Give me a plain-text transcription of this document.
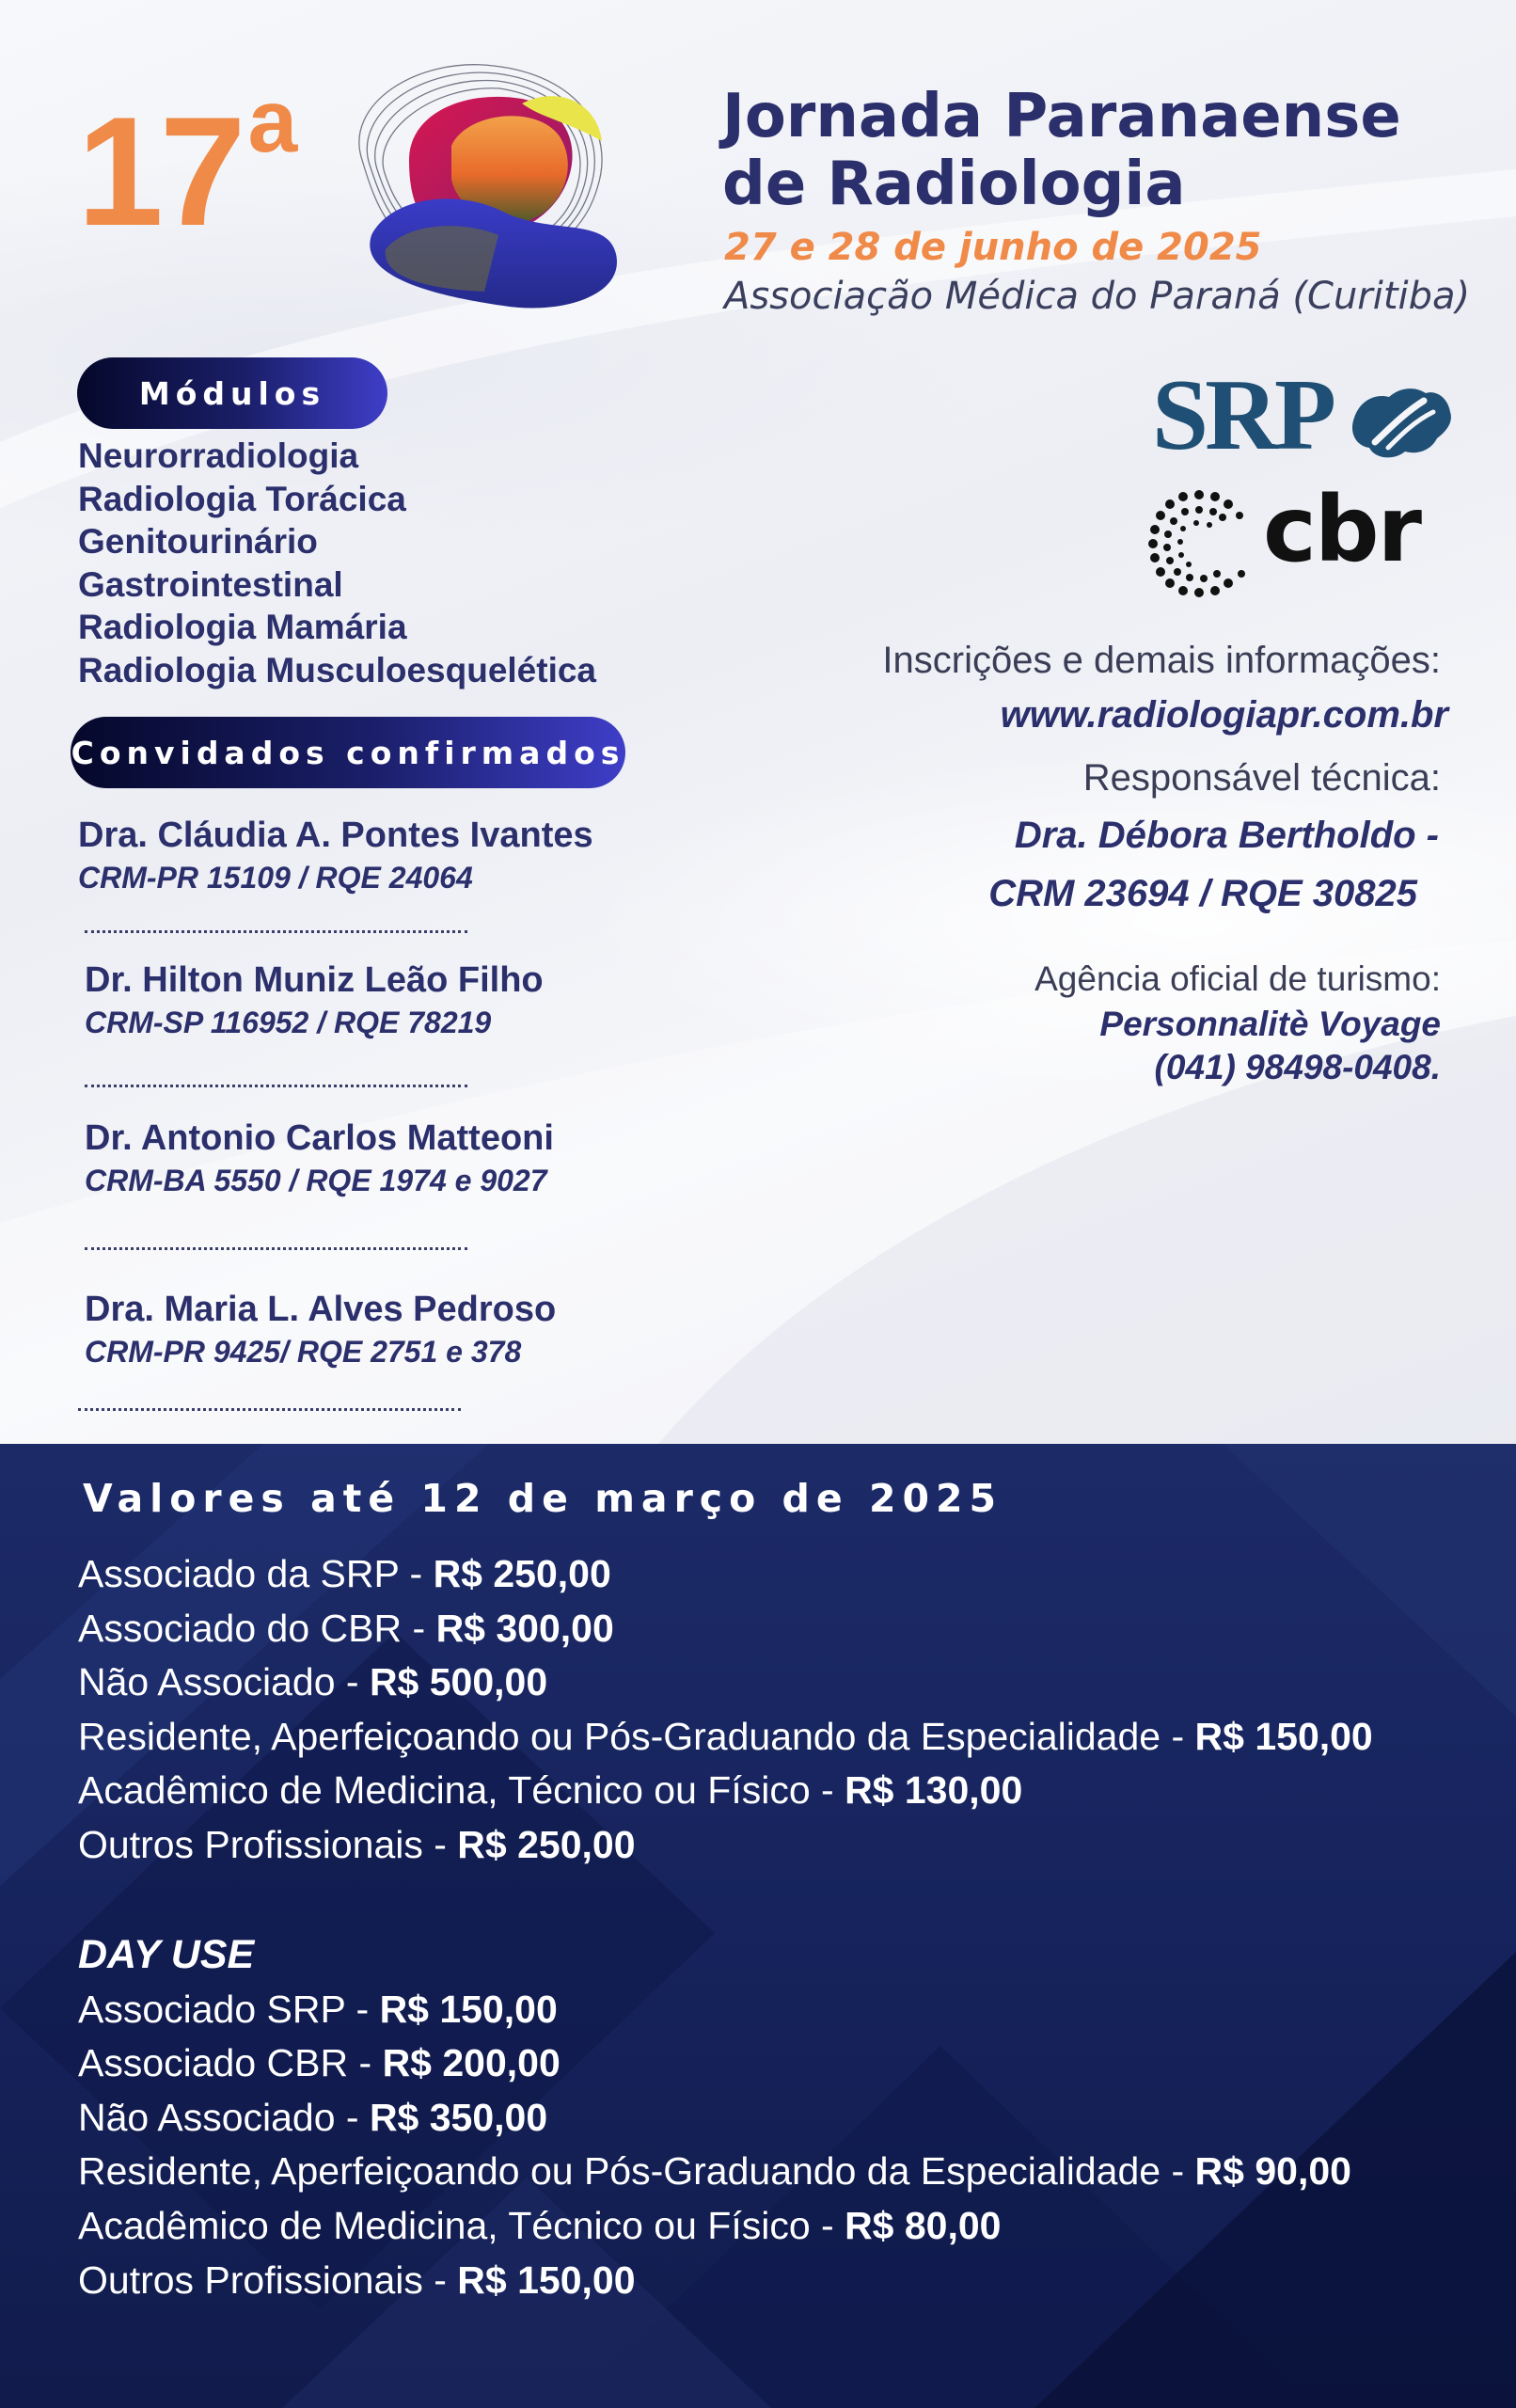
17$^a$	Jornada Paranaense
de Radiologia
27 e 28 de junho de 2025
Associação Médica do Paraná (Curitiba)
Módulos
Neurorradiologia
Radiologia Torácica
Genitourinário
Gastrointestinal
Radiologia Mamária
Radiologia Musculoesquelética
Convidados confirmados
Dra. Cláudia A. Pontes Ivantes
CRM-PR 15109 / RQE 24064
Dr. Hilton Muniz Leão Filho
CRM-SP 116952 / RQE 78219
Dr. Antonio Carlos Matteoni
CRM-BA 5550 / RQE 1974 e 9027
Dra. Maria L. Alves Pedroso
CRM-PR 9425/ RQE 2751 e 378
SRP
cbr
Inscrições e demais informações:
www.radiologiapr.com.br
Responsável técnica:
Dra. Débora Bertholdo -
CRM 23694 / RQE 30825
Agência oficial de turismo:
Personnalitè Voyage
(041) 98498-0408.
Valores até 12 de março de 2025
Associado da SRP - R$ 250,00
Associado do CBR - R$ 300,00
Não Associado - R$ 500,00
Residente, Aperfeiçoando ou Pós-Graduando da Especialidade - R$ 150,00
Acadêmico de Medicina, Técnico ou Físico - R$ 130,00
Outros Profissionais - R$ 250,00
DAY USE
Associado SRP - R$ 150,00
Associado CBR - R$ 200,00
Não Associado - R$ 350,00
Residente, Aperfeiçoando ou Pós-Graduando da Especialidade - R$ 90,00
Acadêmico de Medicina, Técnico ou Físico - R$ 80,00
Outros Profissionais - R$ 150,00
